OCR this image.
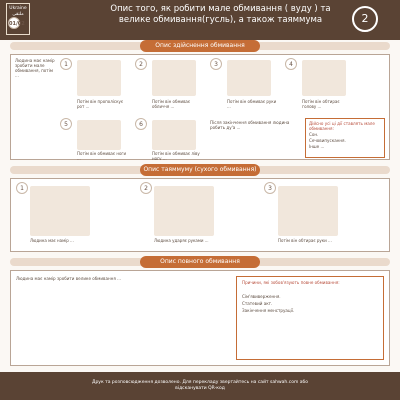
Ukraine
ملتقی
01/02
Опис того, як робити мале обмивання ( вуду ) та велике обмивання(гусль), а також таяммума	2
Опис здійснення обмивання
Людина має намір зробити мале обмивання, потім ...
1
Потім він прополіскує рот ...
2
Потім він обмиває обличчя ...
3
Потім він обмиває руки ...
4
Потім він обтирає голову ...
5
Потім він обмиває ноги ...
6
Потім він обмиває ліву ногу ...
Після закінчення обмивання людина робить ду'а ...
Дійсно усі ці дії ставлять мале обмивання:
Сон.
Сечовипускання.
Інше ...
Опис таяммуму (сухого обмивання)
1
Людина має намір ...
2
Людина ударяє руками ...
3
Потім він обтирає руки ...
Опис повного обмивання
Людина має намір зробити велике обмивання ...
Причини, які зобов'язують повне обмивання:
Сім'явиверження.
Статевий акт.
Закінчення менструації.
Друк та розповсюдження дозволено. Для перекладу звертайтесь на сайт sahwah.com або
відсканувати QR-код
